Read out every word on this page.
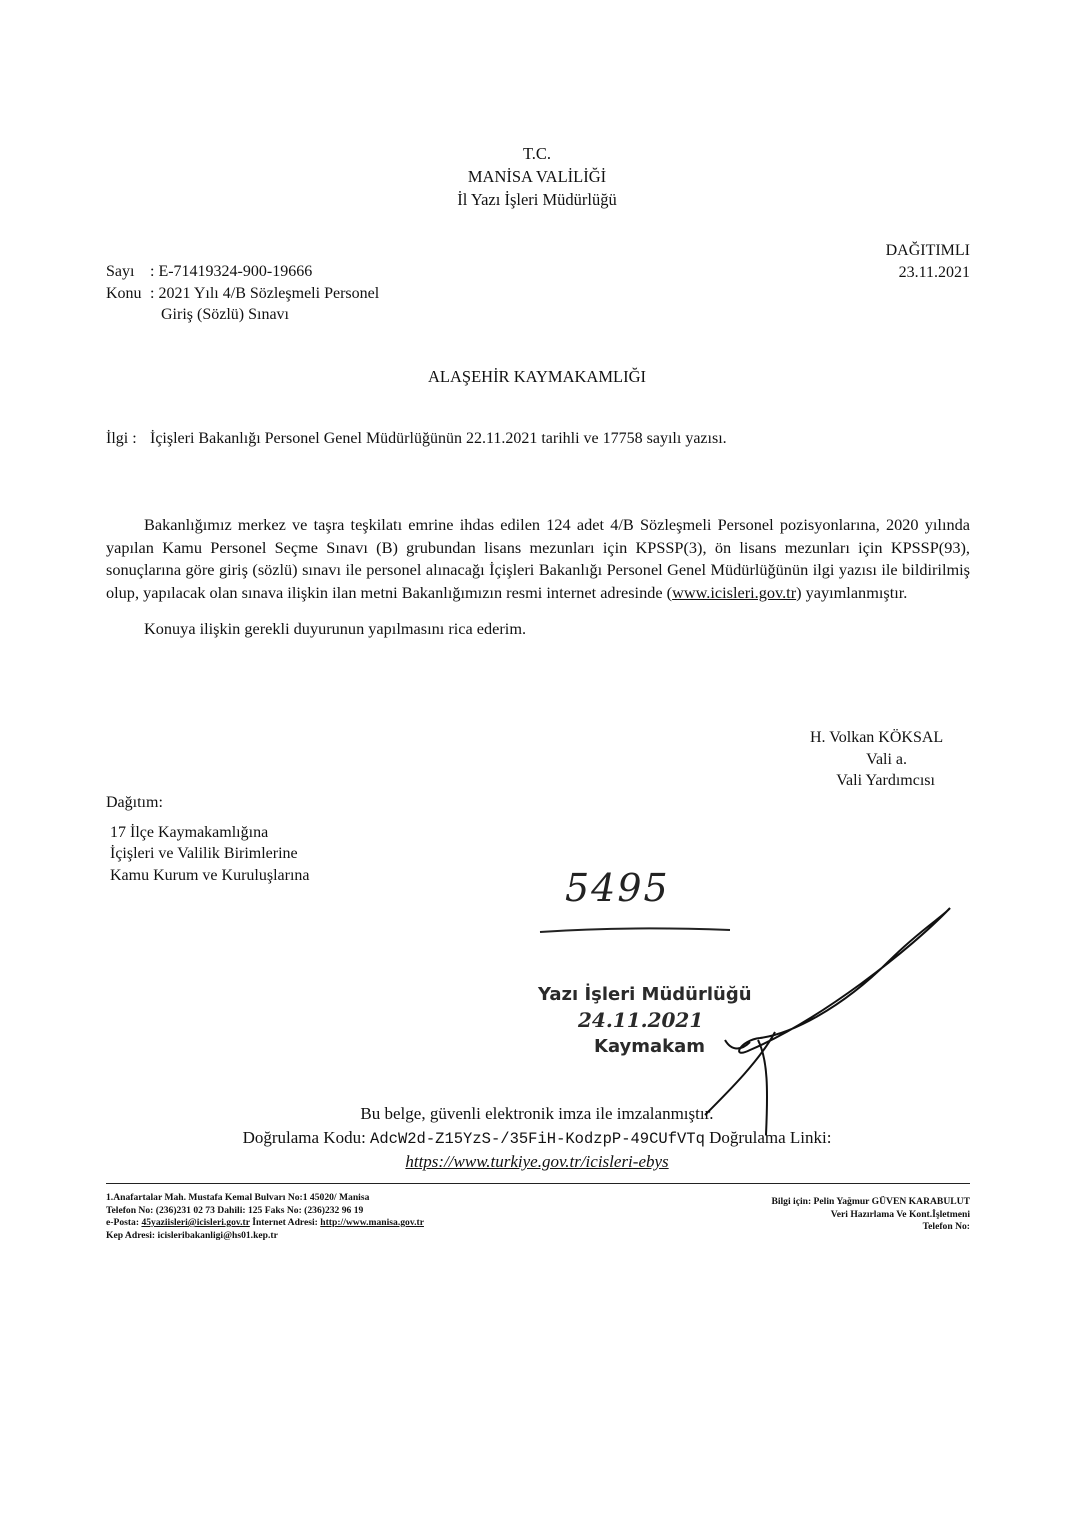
T.C.
MANİSA VALİLİĞİ
İl Yazı İşleri Müdürlüğü
DAĞITIMLI
23.11.2021
Sayı : E-71419324-900-19666
Konu : 2021 Yılı 4/B Sözleşmeli Personel
Giriş (Sözlü) Sınavı
ALAŞEHİR KAYMAKAMLIĞI
İlgi : İçişleri Bakanlığı Personel Genel Müdürlüğünün 22.11.2021 tarihli ve 17758 sayılı yazısı.
Bakanlığımız merkez ve taşra teşkilatı emrine ihdas edilen 124 adet 4/B Sözleşmeli Personel pozisyonlarına, 2020 yılında yapılan Kamu Personel Seçme Sınavı (B) grubundan lisans mezunları için KPSSP(3), ön lisans mezunları için KPSSP(93), sonuçlarına göre giriş (sözlü) sınavı ile personel alınacağı İçişleri Bakanlığı Personel Genel Müdürlüğünün ilgi yazısı ile bildirilmiş olup, yapılacak olan sınava ilişkin ilan metni Bakanlığımızın resmi internet adresinde (www.icisleri.gov.tr) yayımlanmıştır.
Konuya ilişkin gerekli duyurunun yapılmasını rica ederim.
H. Volkan KÖKSAL
Vali a.
Vali Yardımcısı
Dağıtım:
17 İlçe Kaymakamlığına
İçişleri ve Valilik Birimlerine
Kamu Kurum ve Kuruluşlarına	5495
Yazı İşleri Müdürlüğü
24.11.2021
Kaymakam
Bu belge, güvenli elektronik imza ile imzalanmıştır.
Doğrulama Kodu: AdcW2d-Z15YzS-/35FiH-KodzpP-49CUfVTq Doğrulama Linki:
https://www.turkiye.gov.tr/icisleri-ebys
1.Anafartalar Mah. Mustafa Kemal Bulvarı No:1 45020/ Manisa
Telefon No: (236)231 02 73 Dahili: 125 Faks No: (236)232 96 19
e-Posta: 45yaziisleri@icisleri.gov.tr İnternet Adresi: http://www.manisa.gov.tr
Kep Adresi: icisleribakanligi@hs01.kep.tr
Bilgi için: Pelin Yağmur GÜVEN KARABULUT
Veri Hazırlama Ve Kont.İşletmeni
Telefon No:
